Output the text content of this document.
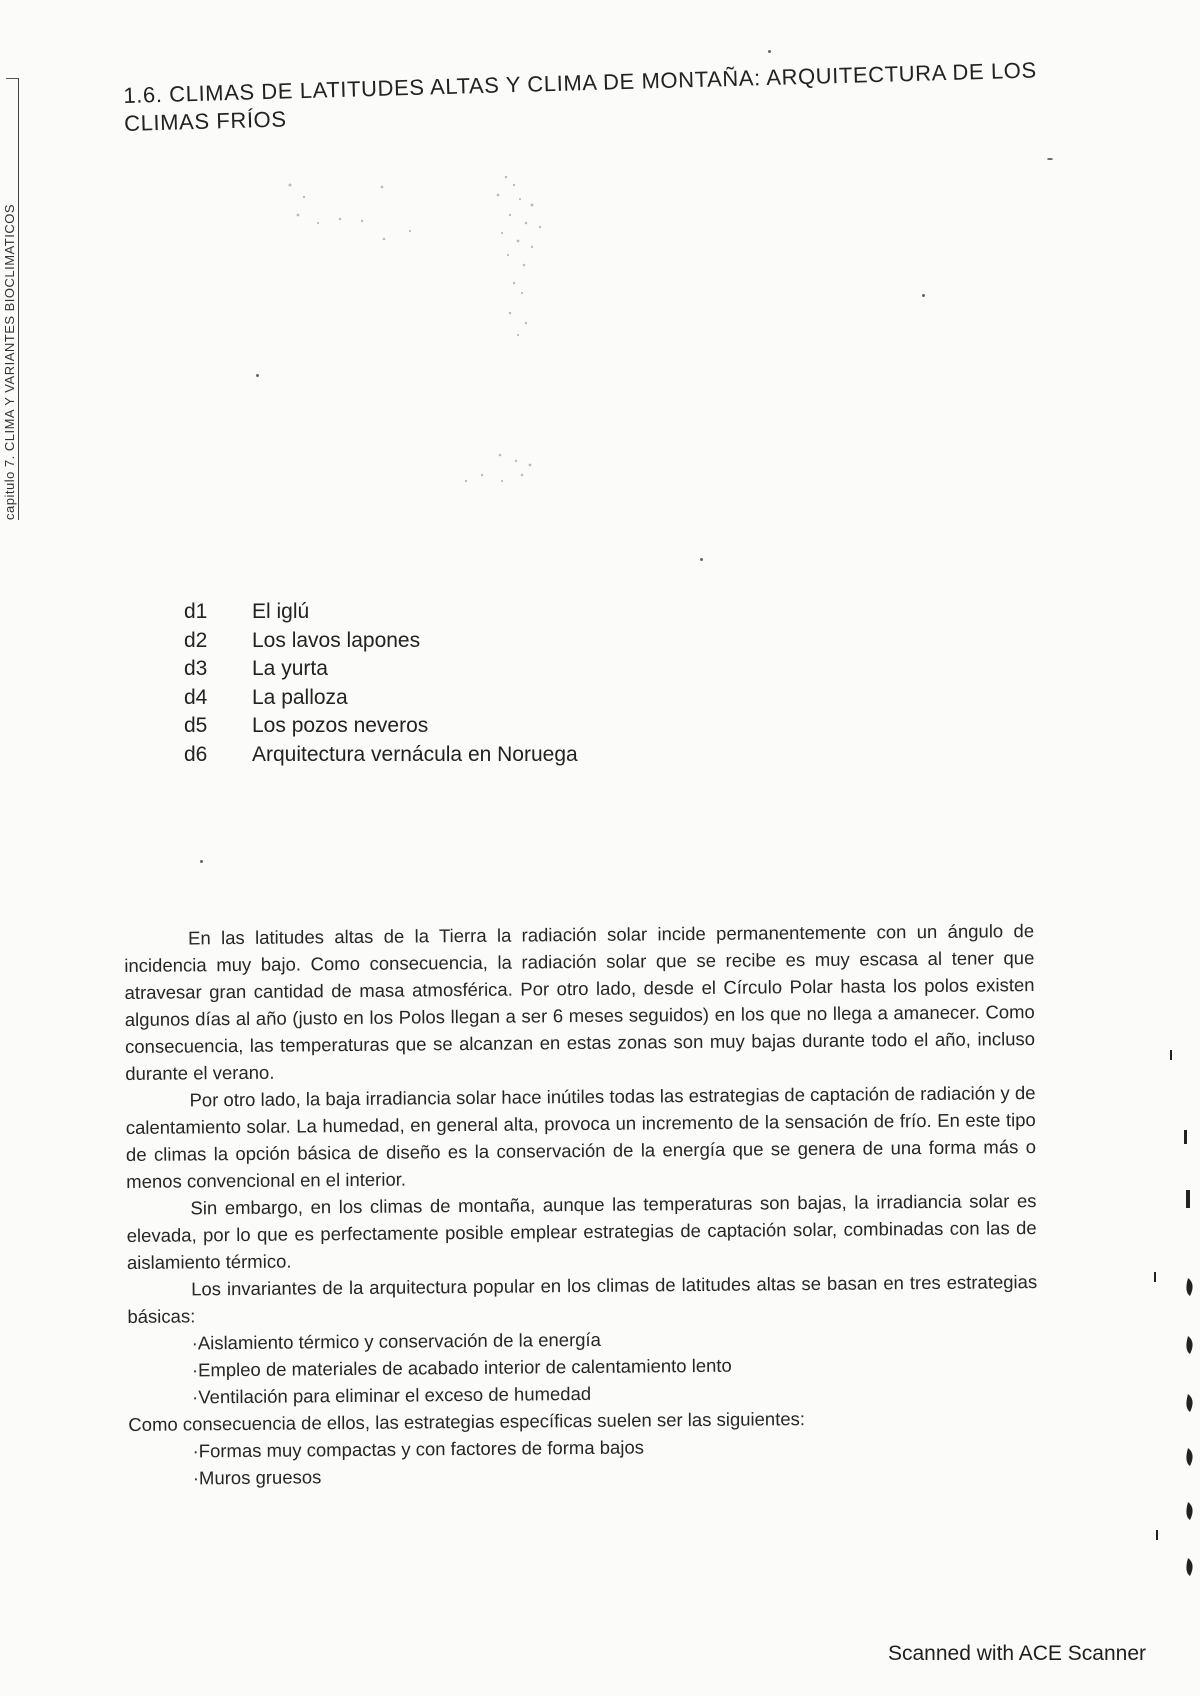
capitulo 7. CLIMA Y VARIANTES BIOCLIMATICOS
1.6. CLIMAS DE LATITUDES ALTAS Y CLIMA DE MONTAÑA: ARQUITECTURA DE LOS
CLIMAS FRÍOS
d1	El iglú
d2	Los lavos lapones
d3	La yurta
d4	La palloza
d5	Los pozos neveros
d6	Arquitectura vernácula en Noruega

En las latitudes altas de la Tierra la radiación solar incide permanentemente con un ángulo de incidencia muy bajo. Como consecuencia, la radiación solar que se recibe es muy escasa al tener que atravesar gran cantidad de masa atmosférica. Por otro lado, desde el Círculo Polar hasta los polos existen algunos días al año (justo en los Polos llegan a ser 6 meses seguidos) en los que no llega a amanecer. Como consecuencia, las temperaturas que se alcanzan en estas zonas son muy bajas durante todo el año, incluso durante el verano.

Por otro lado, la baja irradiancia solar hace inútiles todas las estrategias de captación de radiación y de calentamiento solar. La humedad, en general alta, provoca un incremento de la sensación de frío. En este tipo de climas la opción básica de diseño es la conservación de la energía que se genera de una forma más o menos convencional en el interior.

Sin embargo, en los climas de montaña, aunque las temperaturas son bajas, la irradiancia solar es elevada, por lo que es perfectamente posible emplear estrategias de captación solar, combinadas con las de aislamiento térmico.

Los invariantes de la arquitectura popular en los climas de latitudes altas se basan en tres estrategias básicas:

·Aislamiento térmico y conservación de la energía

·Empleo de materiales de acabado interior de calentamiento lento

·Ventilación para eliminar el exceso de humedad

Como consecuencia de ellos, las estrategias específicas suelen ser las siguientes:

·Formas muy compactas y con factores de forma bajos

·Muros gruesos

Scanned with ACE Scanner
